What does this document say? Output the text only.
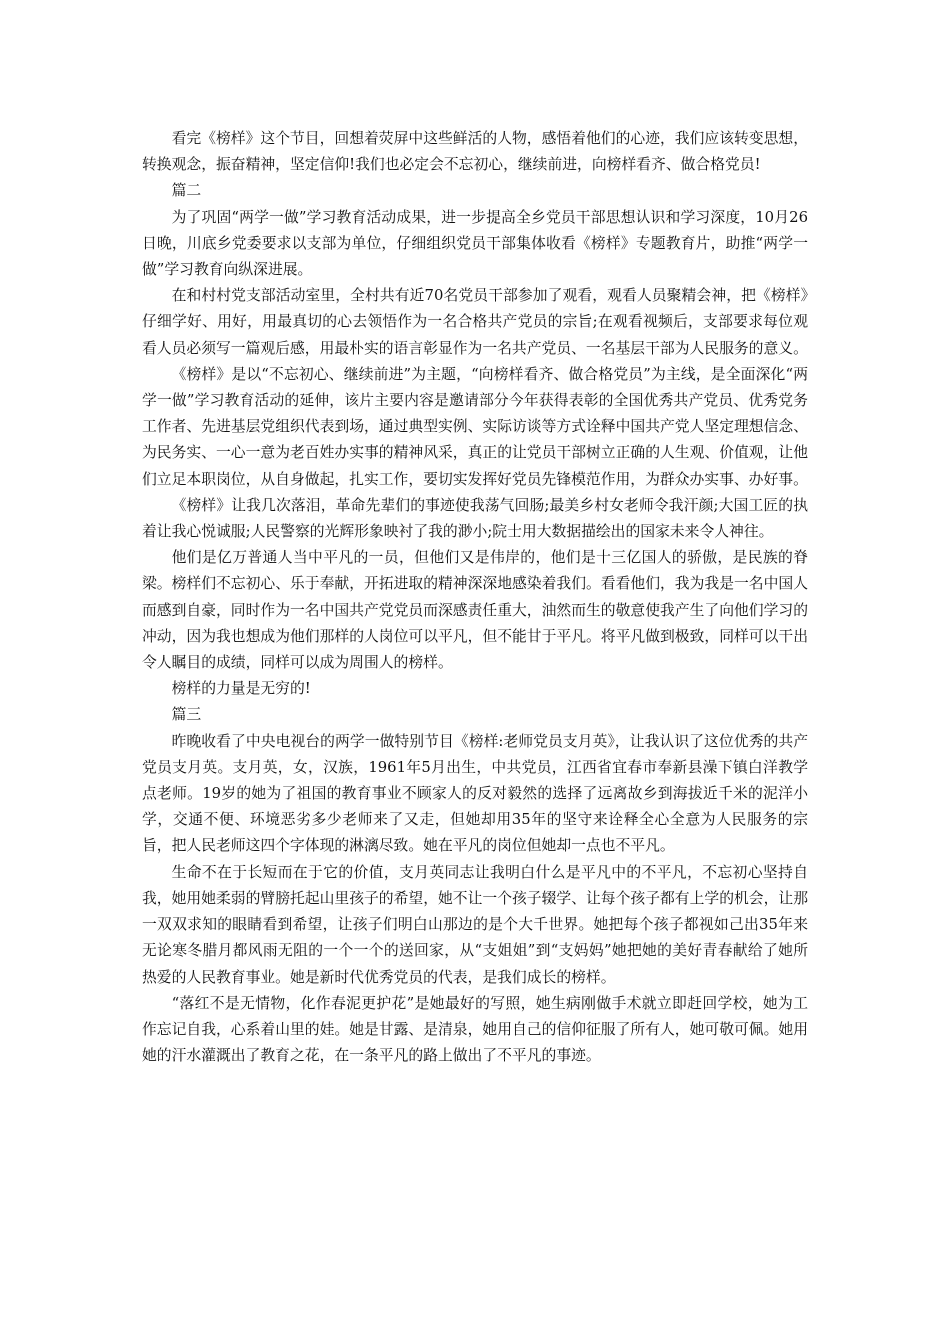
看完《榜样》这个节目，回想着荧屏中这些鲜活的人物，感悟着他们的心迹，我们应该转变思想，转换观念，振奋精神，坚定信仰!我们也必定会不忘初心，继续前进，向榜样看齐、做合格党员!

篇二

为了巩固“两学一做”学习教育活动成果，进一步提高全乡党员干部思想认识和学习深度，10月26日晚，川底乡党委要求以支部为单位，仔细组织党员干部集体收看《榜样》专题教育片，助推“两学一做”学习教育向纵深进展。

在和村村党支部活动室里，全村共有近70名党员干部参加了观看，观看人员聚精会神，把《榜样》仔细学好、用好，用最真切的心去领悟作为一名合格共产党员的宗旨;在观看视频后，支部要求每位观看人员必须写一篇观后感，用最朴实的语言彰显作为一名共产党员、一名基层干部为人民服务的意义。

《榜样》是以“不忘初心、继续前进”为主题，“向榜样看齐、做合格党员”为主线，是全面深化“两学一做”学习教育活动的延伸，该片主要内容是邀请部分今年获得表彰的全国优秀共产党员、优秀党务工作者、先进基层党组织代表到场，通过典型实例、实际访谈等方式诠释中国共产党人坚定理想信念、为民务实、一心一意为老百姓办实事的精神风采，真正的让党员干部树立正确的人生观、价值观，让他们立足本职岗位，从自身做起，扎实工作，要切实发挥好党员先锋模范作用，为群众办实事、办好事。

《榜样》让我几次落泪，革命先辈们的事迹使我荡气回肠;最美乡村女老师令我汗颜;大国工匠的执着让我心悦诚服;人民警察的光辉形象映衬了我的渺小;院士用大数据描绘出的国家未来令人神往。

他们是亿万普通人当中平凡的一员，但他们又是伟岸的，他们是十三亿国人的骄傲，是民族的脊梁。榜样们不忘初心、乐于奉献，开拓进取的精神深深地感染着我们。看看他们，我为我是一名中国人而感到自豪，同时作为一名中国共产党党员而深感责任重大，油然而生的敬意使我产生了向他们学习的冲动，因为我也想成为他们那样的人岗位可以平凡，但不能甘于平凡。将平凡做到极致，同样可以干出令人瞩目的成绩，同样可以成为周围人的榜样。

榜样的力量是无穷的!

篇三

昨晚收看了中央电视台的两学一做特别节目《榜样:老师党员支月英》，让我认识了这位优秀的共产党员支月英。支月英，女，汉族，1961年5月出生，中共党员，江西省宜春市奉新县澡下镇白洋教学点老师。19岁的她为了祖国的教育事业不顾家人的反对毅然的选择了远离故乡到海拔近千米的泥洋小学，交通不便、环境恶劣多少老师来了又走，但她却用35年的坚守来诠释全心全意为人民服务的宗旨，把人民老师这四个字体现的淋漓尽致。她在平凡的岗位但她却一点也不平凡。

生命不在于长短而在于它的价值，支月英同志让我明白什么是平凡中的不平凡，不忘初心坚持自我，她用她柔弱的臂膀托起山里孩子的希望，她不让一个孩子辍学、让每个孩子都有上学的机会，让那一双双求知的眼睛看到希望，让孩子们明白山那边的是个大千世界。她把每个孩子都视如己出35年来无论寒冬腊月都风雨无阻的一个一个的送回家，从“支姐姐”到“支妈妈”她把她的美好青春献给了她所热爱的人民教育事业。她是新时代优秀党员的代表，是我们成长的榜样。

“落红不是无情物，化作春泥更护花”是她最好的写照，她生病刚做手术就立即赶回学校，她为工作忘记自我，心系着山里的娃。她是甘露、是清泉，她用自己的信仰征服了所有人，她可敬可佩。她用她的汗水灌溉出了教育之花，在一条平凡的路上做出了不平凡的事迹。
